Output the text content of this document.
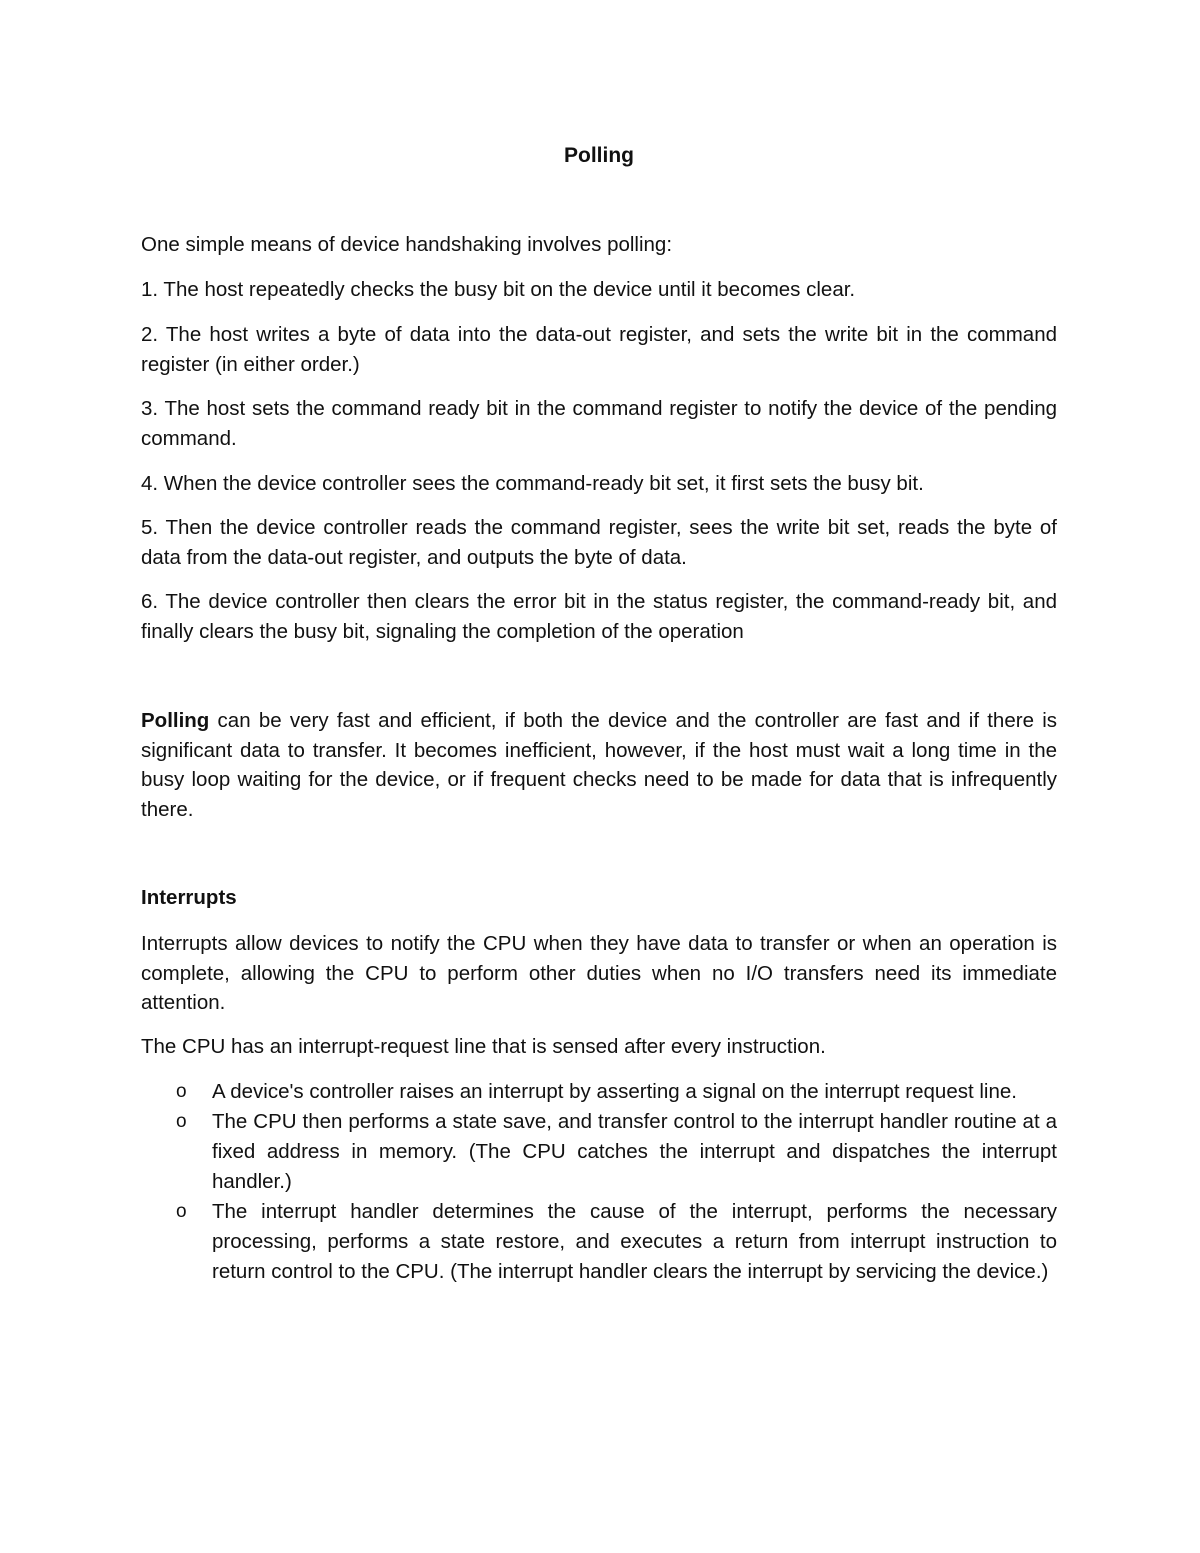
Polling

One simple means of device handshaking involves polling:

1. The host repeatedly checks the busy bit on the device until it becomes clear.

2. The host writes a byte of data into the data-out register, and sets the write bit in the command register (in either order.)

3. The host sets the command ready bit in the command register to notify the device of the pending command.

4. When the device controller sees the command-ready bit set, it first sets the busy bit.

5. Then the device controller reads the command register, sees the write bit set, reads the byte of data from the data-out register, and outputs the byte of data.

6. The device controller then clears the error bit in the status register, the command-ready bit, and finally clears the busy bit, signaling the completion of the operation

Polling can be very fast and efficient, if both the device and the controller are fast and if there is significant data to transfer. It becomes inefficient, however, if the host must wait a long time in the busy loop waiting for the device, or if frequent checks need to be made for data that is infrequently there.

Interrupts

Interrupts allow devices to notify the CPU when they have data to transfer or when an operation is complete, allowing the CPU to perform other duties when no I/O transfers need its immediate attention.

The CPU has an interrupt-request line that is sensed after every instruction.

o A device's controller raises an interrupt by asserting a signal on the interrupt request line.
o The CPU then performs a state save, and transfer control to the interrupt handler routine at a fixed address in memory. (The CPU catches the interrupt and dispatches the interrupt handler.)
o The interrupt handler determines the cause of the interrupt, performs the necessary processing, performs a state restore, and executes a return from interrupt instruction to return control to the CPU. (The interrupt handler clears the interrupt by servicing the device.)
